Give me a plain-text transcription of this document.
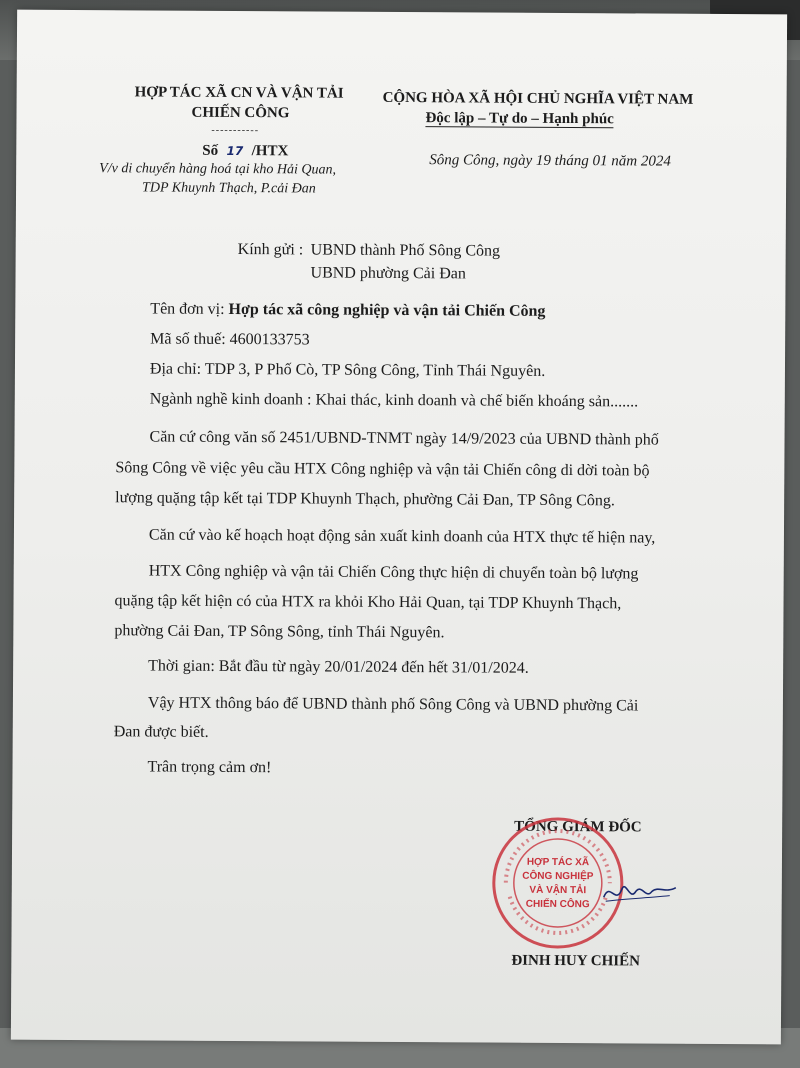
HỢP TÁC XÃ CN VÀ VẬN TẢI
CHIẾN CÔNG
-----------
Số 17 /HTX
V/v di chuyển hàng hoá tại kho Hải Quan,
TDP Khuynh Thạch, P.cải Đan
CỘNG HÒA XÃ HỘI CHỦ NGHĨA VIỆT NAM
Độc lập – Tự do – Hạnh phúc
Sông Công, ngày 19 tháng 01 năm 2024
Kính gửi : UBND thành Phố Sông Công
UBND phường Cải Đan
Tên đơn vị: Hợp tác xã công nghiệp và vận tải Chiến Công
Mã số thuế: 4600133753
Địa chỉ: TDP 3, P Phố Cò, TP Sông Công, Tỉnh Thái Nguyên.
Ngành nghề kinh doanh : Khai thác, kinh doanh và chế biến khoáng sản.......
Căn cứ công văn số 2451/UBND-TNMT ngày 14/9/2023 của UBND thành phố
Sông Công về việc yêu cầu HTX Công nghiệp và vận tải Chiến công di dời toàn bộ
lượng quặng tập kết tại TDP Khuynh Thạch, phường Cải Đan, TP Sông Công.
Căn cứ vào kế hoạch hoạt động sản xuất kinh doanh của HTX thực tế hiện nay,
HTX Công nghiệp và vận tải Chiến Công thực hiện di chuyển toàn bộ lượng
quặng tập kết hiện có của HTX ra khỏi Kho Hải Quan, tại TDP Khuynh Thạch,
phường Cải Đan, TP Sông Sông, tỉnh Thái Nguyên.
Thời gian: Bắt đầu từ ngày 20/01/2024 đến hết 31/01/2024.
Vậy HTX thông báo để UBND thành phố Sông Công và UBND phường Cải
Đan được biết.
Trân trọng cảm ơn!
TỔNG GIÁM ĐỐC
HỢP TÁC XÃ
CÔNG NGHIỆP
VÀ VẬN TẢI
CHIẾN CÔNG
ĐINH HUY CHIẾN
